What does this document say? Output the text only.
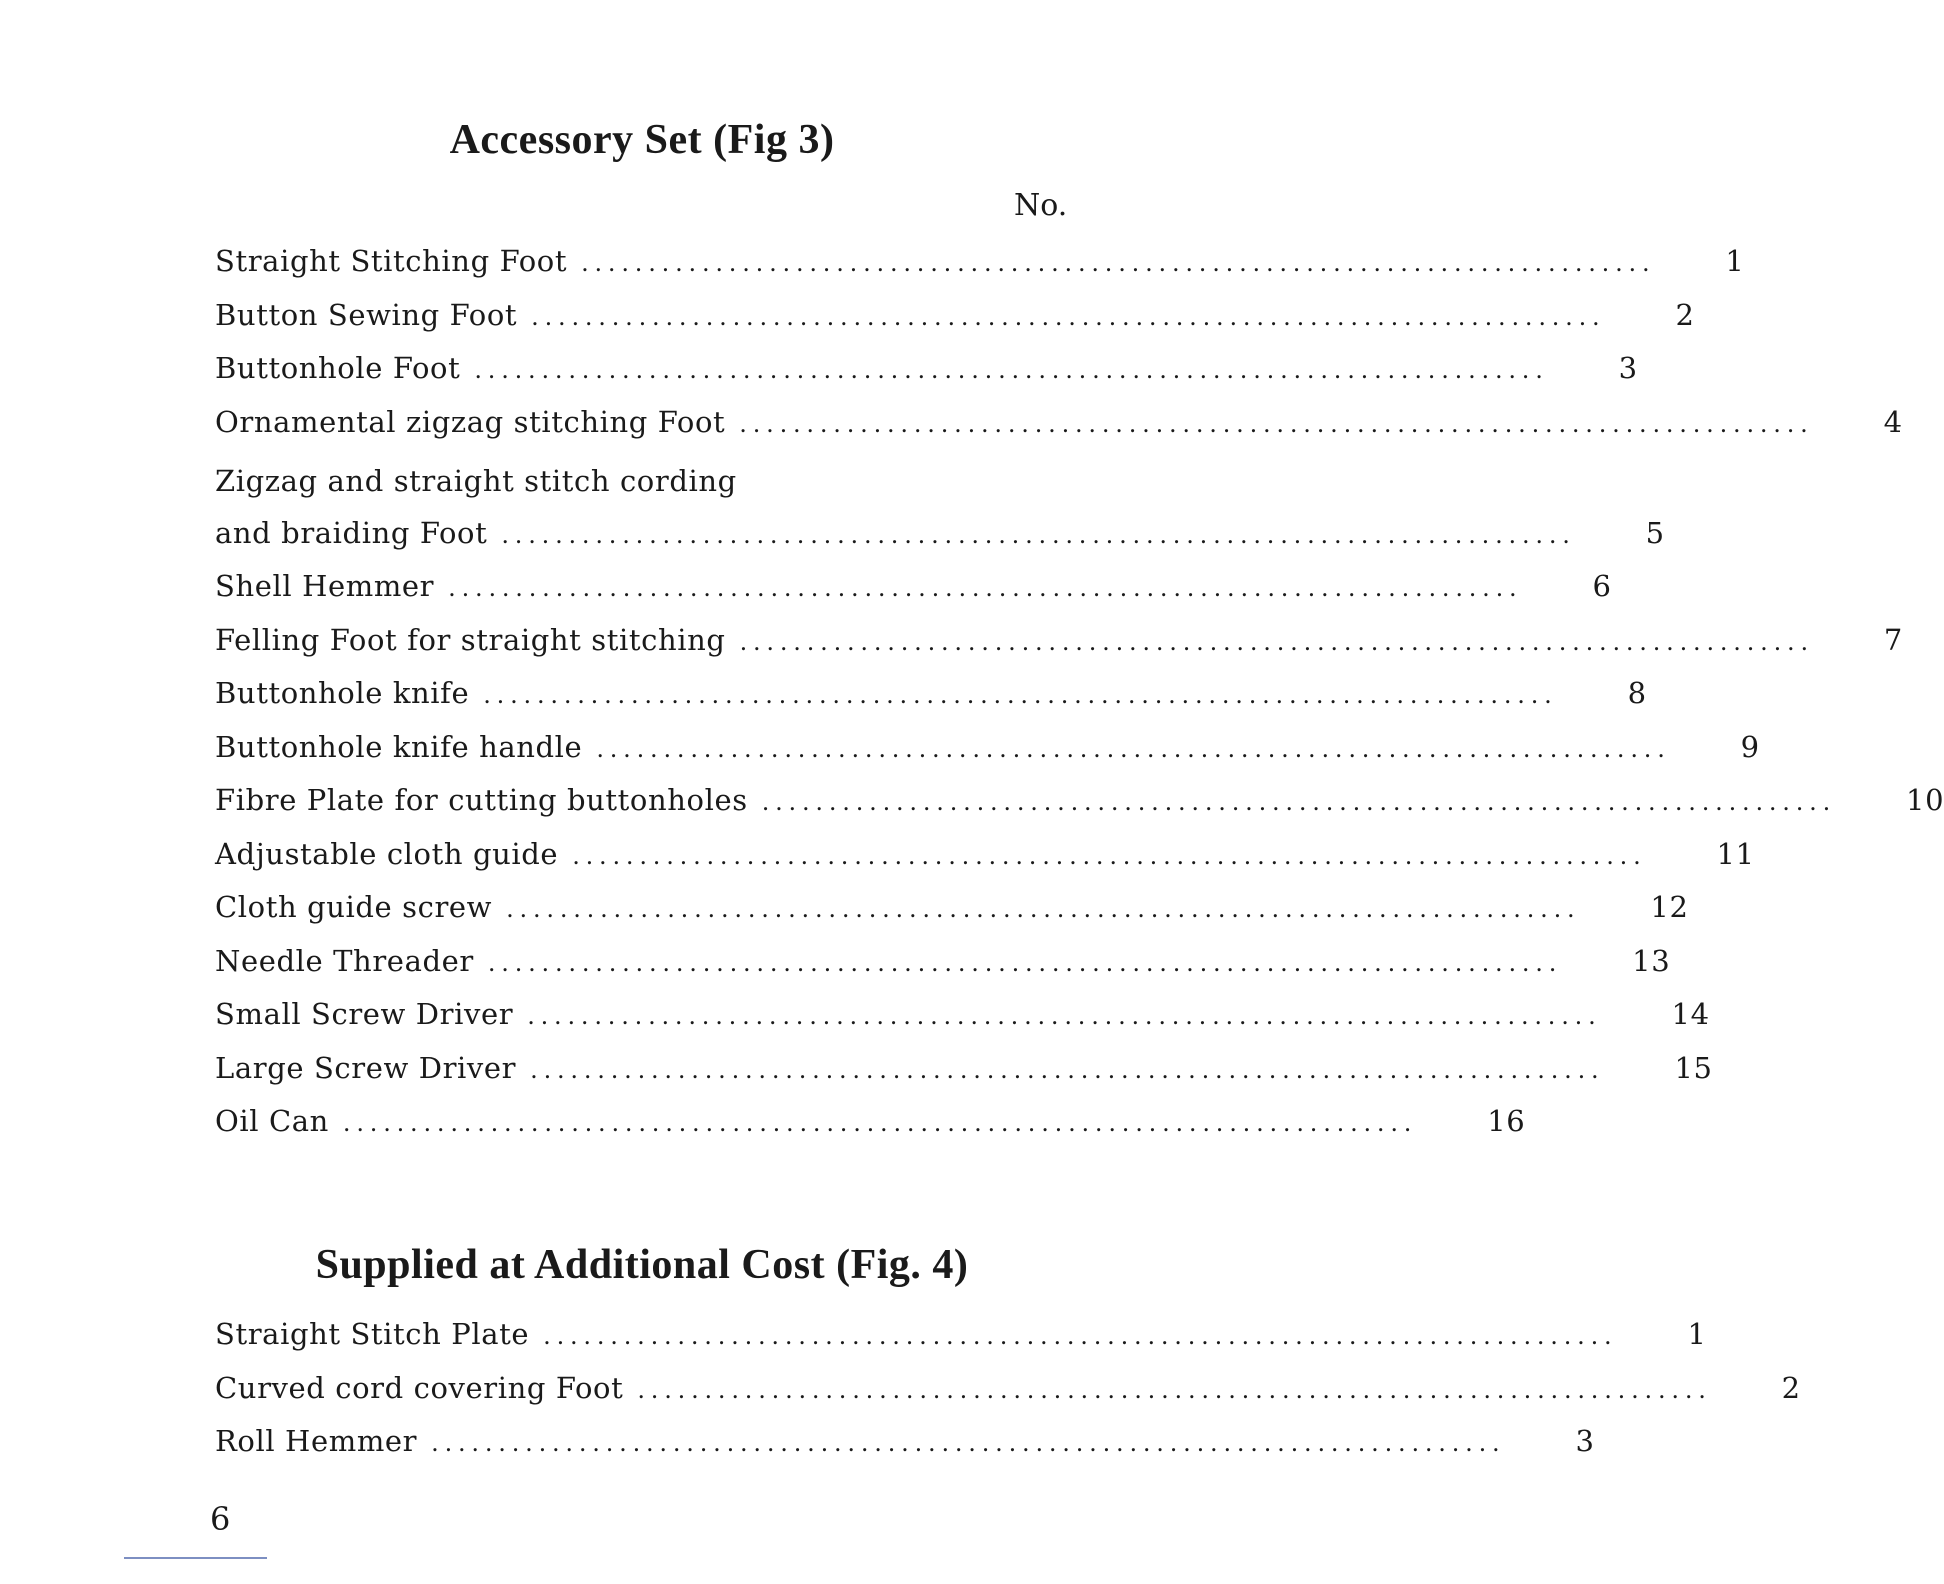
Accessory Set (Fig 3)
No.
Straight Stitching Foot ................................................................................ 1
Button Sewing Foot ................................................................................ 2
Buttonhole Foot ................................................................................ 3
Ornamental zigzag stitching Foot ................................................................................ 4
Zigzag and straight stitch cording
and braiding Foot ................................................................................ 5
Shell Hemmer ................................................................................ 6
Felling Foot for straight stitching ................................................................................ 7
Buttonhole knife ................................................................................ 8
Buttonhole knife handle ................................................................................ 9
Fibre Plate for cutting buttonholes ................................................................................ 10
Adjustable cloth guide ................................................................................ 11
Cloth guide screw ................................................................................ 12
Needle Threader ................................................................................ 13
Small Screw Driver ................................................................................ 14
Large Screw Driver ................................................................................ 15
Oil Can ................................................................................ 16
Supplied at Additional Cost (Fig. 4)
Straight Stitch Plate ................................................................................ 1
Curved cord covering Foot ................................................................................ 2
Roll Hemmer ................................................................................ 3
6
